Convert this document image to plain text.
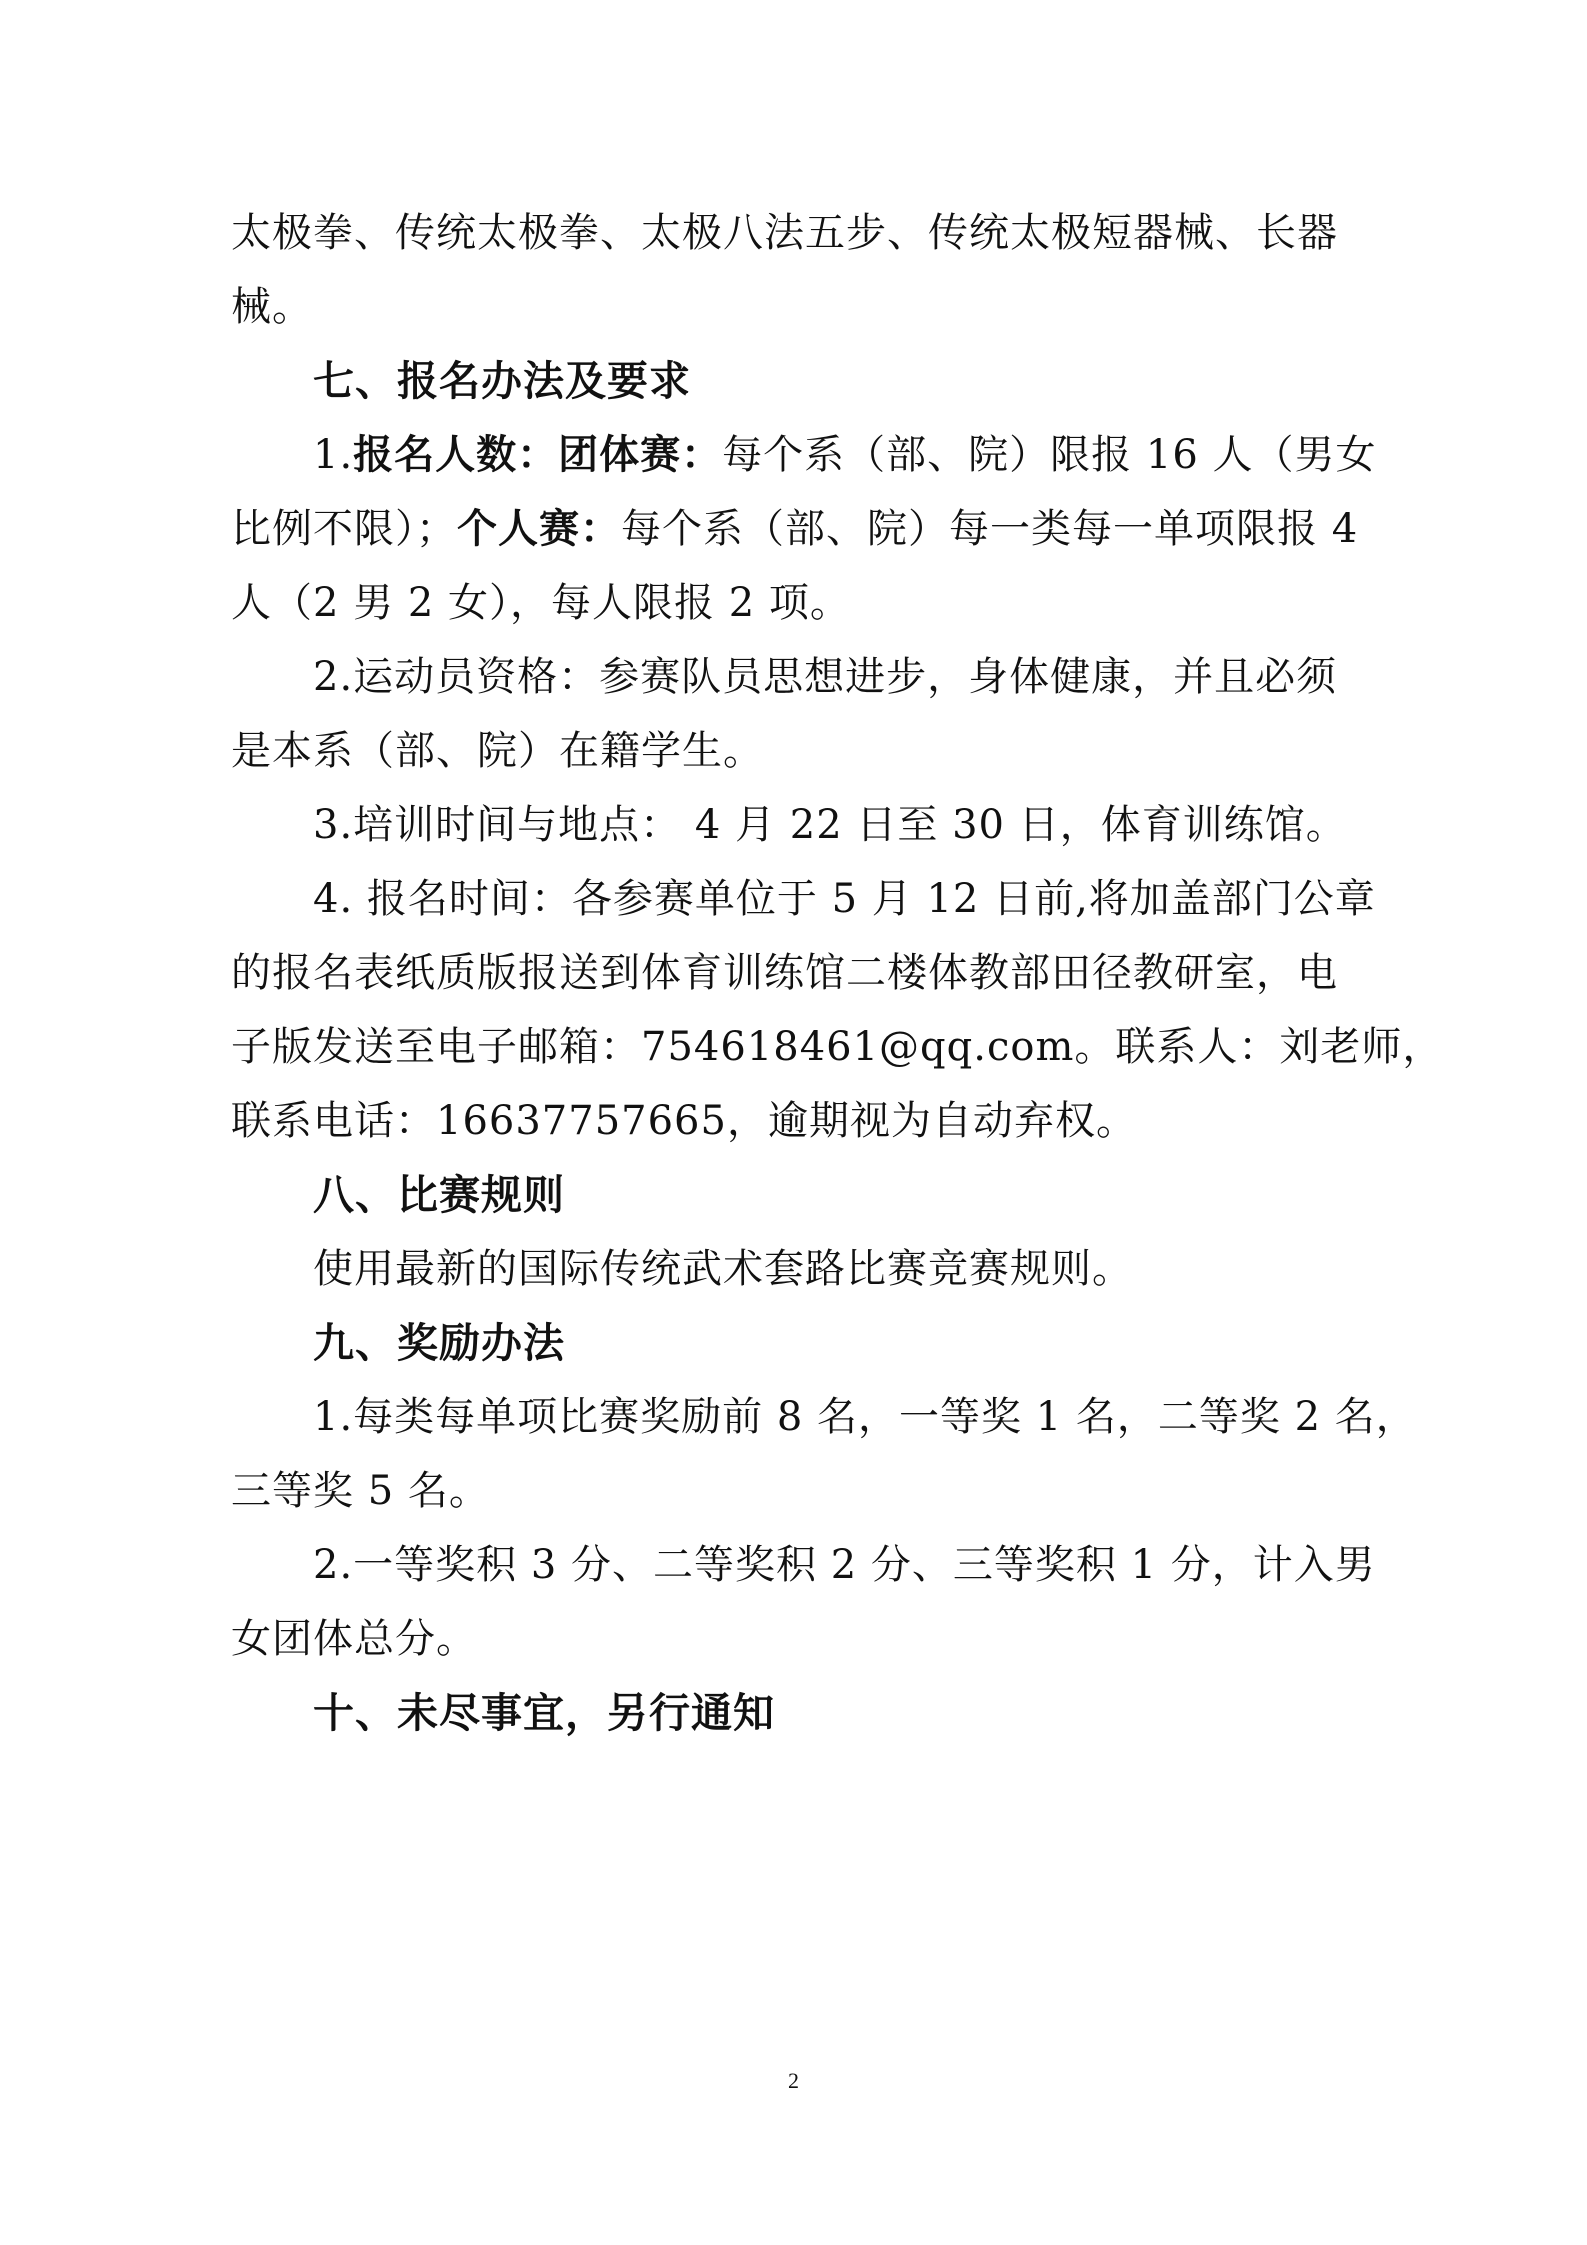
太极拳、传统太极拳、太极八法五步、传统太极短器械、长器
械。
七、报名办法及要求
1.报名人数：团体赛：每个系（部、院）限报 16 人（男女
比例不限）；个人赛：每个系（部、院）每一类每一单项限报 4
人（2 男 2 女），每人限报 2 项。
2.运动员资格：参赛队员思想进步，身体健康，并且必须
是本系（部、院）在籍学生。
3.培训时间与地点： 4 月 22 日至 30 日，体育训练馆。
4. 报名时间：各参赛单位于 5 月 12 日前,将加盖部门公章
的报名表纸质版报送到体育训练馆二楼体教部田径教研室，电
子版发送至电子邮箱：754618461@qq.com。联系人：刘老师，
联系电话：16637757665，逾期视为自动弃权。
八、比赛规则
使用最新的国际传统武术套路比赛竞赛规则。
九、奖励办法
1.每类每单项比赛奖励前 8 名，一等奖 1 名，二等奖 2 名，
三等奖 5 名。
2.一等奖积 3 分、二等奖积 2 分、三等奖积 1 分，计入男
女团体总分。
十、未尽事宜，另行通知
2
